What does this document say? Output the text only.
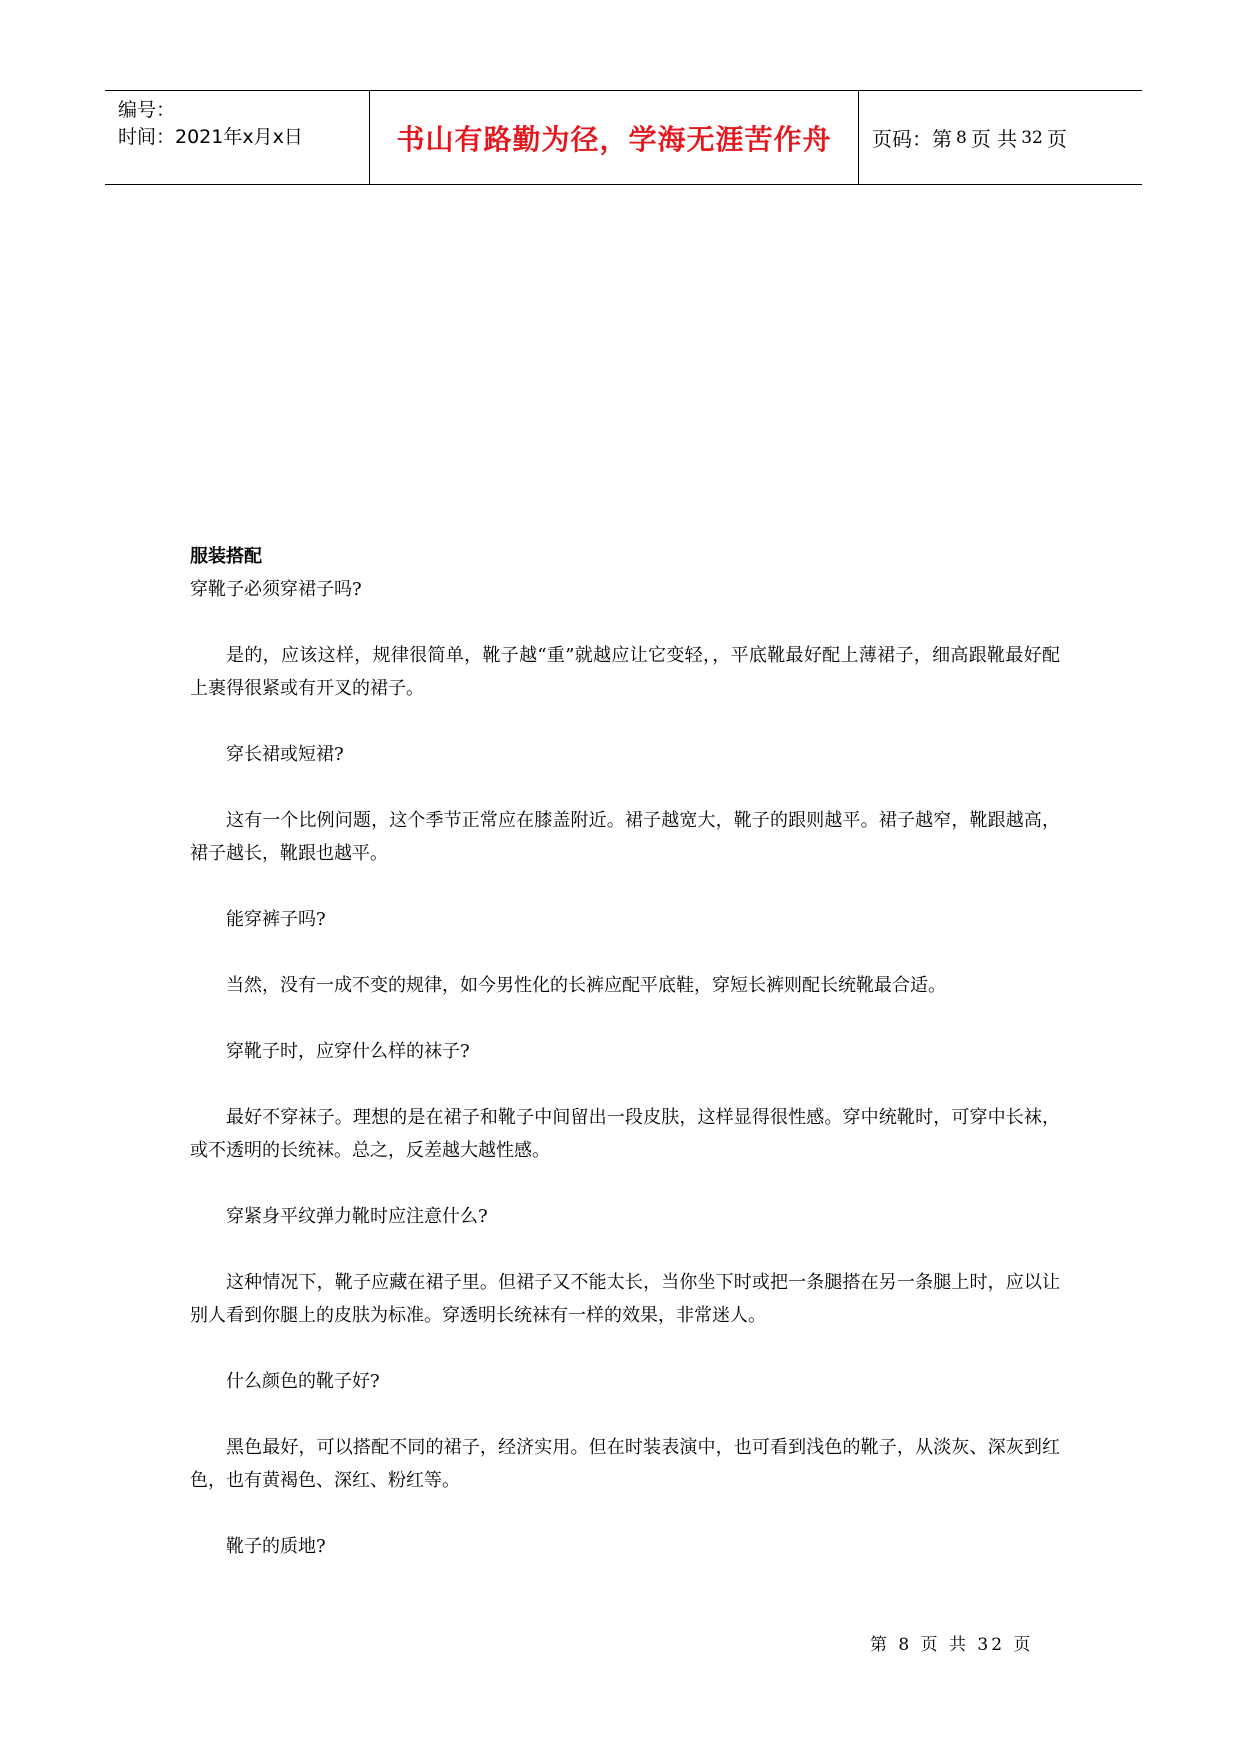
编号：
时间：2021年x月x日	书山有路勤为径，学海无涯苦作舟	页码：第 8 页 共 32 页

服装搭配

穿靴子必须穿裙子吗?

是的，应该这样，规律很简单，靴子越“重”就越应让它变轻，，平底靴最好配上薄裙子，细高跟靴最好配上裹得很紧或有开叉的裙子。

穿长裙或短裙?

这有一个比例问题，这个季节正常应在膝盖附近。裙子越宽大，靴子的跟则越平。裙子越窄，靴跟越高，裙子越长，靴跟也越平。

能穿裤子吗?

当然，没有一成不变的规律，如今男性化的长裤应配平底鞋，穿短长裤则配长统靴最合适。

穿靴子时，应穿什么样的袜子?

最好不穿袜子。理想的是在裙子和靴子中间留出一段皮肤，这样显得很性感。穿中统靴时，可穿中长袜，或不透明的长统袜。总之，反差越大越性感。

穿紧身平纹弹力靴时应注意什么?

这种情况下，靴子应藏在裙子里。但裙子又不能太长，当你坐下时或把一条腿搭在另一条腿上时，应以让别人看到你腿上的皮肤为标准。穿透明长统袜有一样的效果，非常迷人。

什么颜色的靴子好?

黑色最好，可以搭配不同的裙子，经济实用。但在时装表演中，也可看到浅色的靴子，从淡灰、深灰到红色，也有黄褐色、深红、粉红等。

靴子的质地?

第 8 页 共 32 页
